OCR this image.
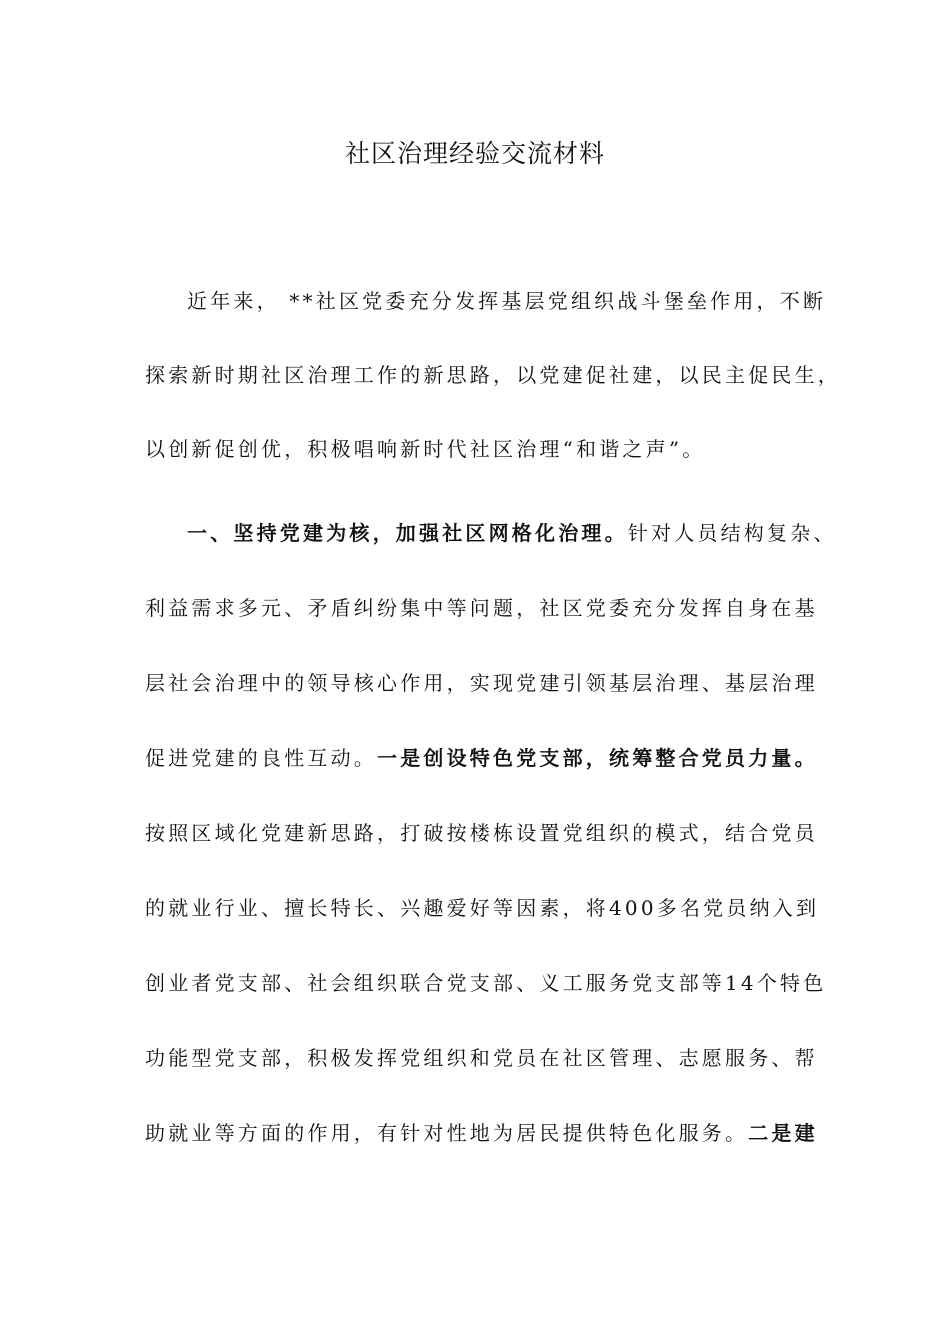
社区治理经验交流材料
近年来， **社区党委充分发挥基层党组织战斗堡垒作用，不断
探索新时期社区治理工作的新思路，以党建促社建，以民主促民生，
以创新促创优，积极唱响新时代社区治理“和谐之声”。
一、坚持党建为核，加强社区网格化治理。针对人员结构复杂、
利益需求多元、矛盾纠纷集中等问题，社区党委充分发挥自身在基
层社会治理中的领导核心作用，实现党建引领基层治理、基层治理
促进党建的良性互动。一是创设特色党支部，统筹整合党员力量。
按照区域化党建新思路，打破按楼栋设置党组织的模式，结合党员
的就业行业、擅长特长、兴趣爱好等因素，将400多名党员纳入到
创业者党支部、社会组织联合党支部、义工服务党支部等14个特色
功能型党支部，积极发挥党组织和党员在社区管理、志愿服务、帮
助就业等方面的作用，有针对性地为居民提供特色化服务。二是建
